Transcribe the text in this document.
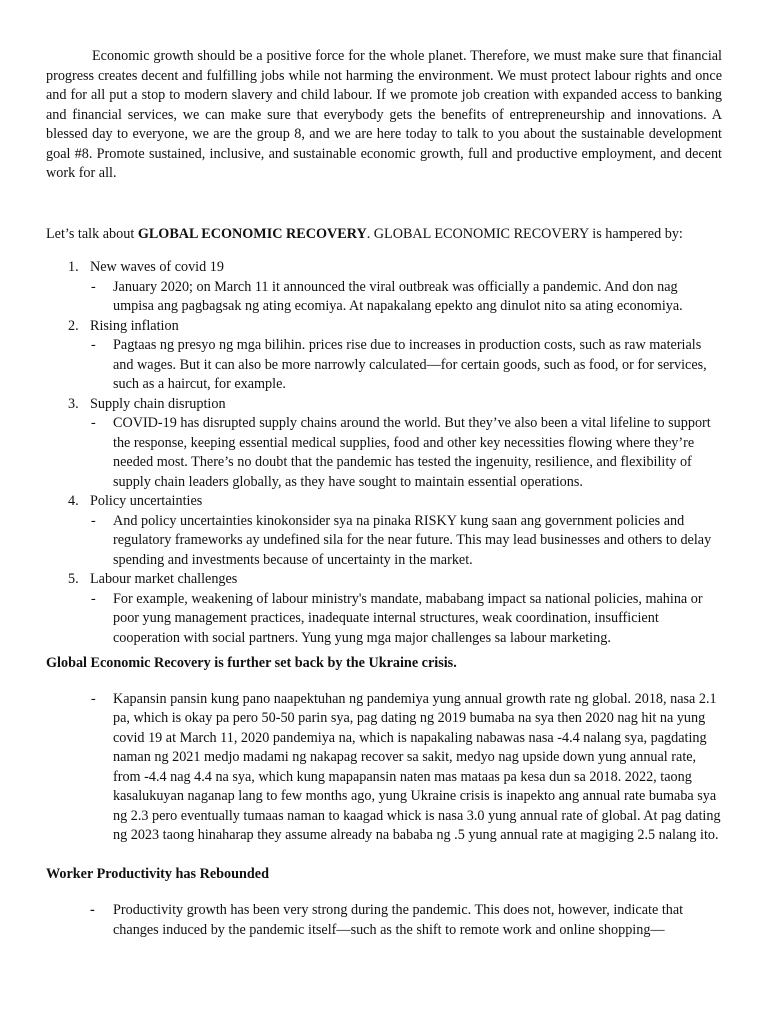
Economic growth should be a positive force for the whole planet. Therefore, we must make sure that financial progress creates decent and fulfilling jobs while not harming the environment. We must protect labour rights and once and for all put a stop to modern slavery and child labour. If we promote job creation with expanded access to banking and financial services, we can make sure that everybody gets the benefits of entrepreneurship and innovations. A blessed day to everyone, we are the group 8, and we are here today to talk to you about the sustainable development goal #8. Promote sustained, inclusive, and sustainable economic growth, full and productive employment, and decent work for all.

Let’s talk about GLOBAL ECONOMIC RECOVERY. GLOBAL ECONOMIC RECOVERY is hampered by:

1. New waves of covid 19
- January 2020; on March 11 it announced the viral outbreak was officially a pandemic. And don nag umpisa ang pagbagsak ng ating ecomiya. At napakalang epekto ang dinulot nito sa ating economiya.
2. Rising inflation
- Pagtaas ng presyo ng mga bilihin. prices rise due to increases in production costs, such as raw materials and wages. But it can also be more narrowly calculated—for certain goods, such as food, or for services, such as a haircut, for example.
3. Supply chain disruption
- COVID-19 has disrupted supply chains around the world. But they’ve also been a vital lifeline to support the response, keeping essential medical supplies, food and other key necessities flowing where they’re needed most. There’s no doubt that the pandemic has tested the ingenuity, resilience, and flexibility of supply chain leaders globally, as they have sought to maintain essential operations.
4. Policy uncertainties
- And policy uncertainties kinokonsider sya na pinaka RISKY kung saan ang government policies and regulatory frameworks ay undefined sila for the near future. This may lead businesses and others to delay spending and investments because of uncertainty in the market.
5. Labour market challenges
- For example, weakening of labour ministry's mandate, mababang impact sa national policies, mahina or poor yung management practices, inadequate internal structures, weak coordination, insufficient cooperation with social partners. Yung yung mga major challenges sa labour marketing.
Global Economic Recovery is further set back by the Ukraine crisis.
- Kapansin pansin kung pano naapektuhan ng pandemiya yung annual growth rate ng global. 2018, nasa 2.1 pa, which is okay pa pero 50-50 parin sya, pag dating ng 2019 bumaba na sya then 2020 nag hit na yung covid 19 at March 11, 2020 pandemiya na, which is napakaling nabawas nasa -4.4 nalang sya, pagdating naman ng 2021 medjo madami ng nakapag recover sa sakit, medyo nag upside down yung annual rate, from -4.4 nag 4.4 na sya, which kung mapapansin naten mas mataas pa kesa dun sa 2018. 2022, taong kasalukuyan naganap lang to few months ago, yung Ukraine crisis is inapekto ang annual rate bumaba sya ng 2.3 pero eventually tumaas naman to kaagad whick is nasa 3.0 yung annual rate of global. At pag dating ng 2023 taong hinaharap they assume already na bababa ng .5 yung annual rate at magiging 2.5 nalang ito.
Worker Productivity has Rebounded
- Productivity growth has been very strong during the pandemic. This does not, however, indicate that changes induced by the pandemic itself—such as the shift to remote work and online shopping—
